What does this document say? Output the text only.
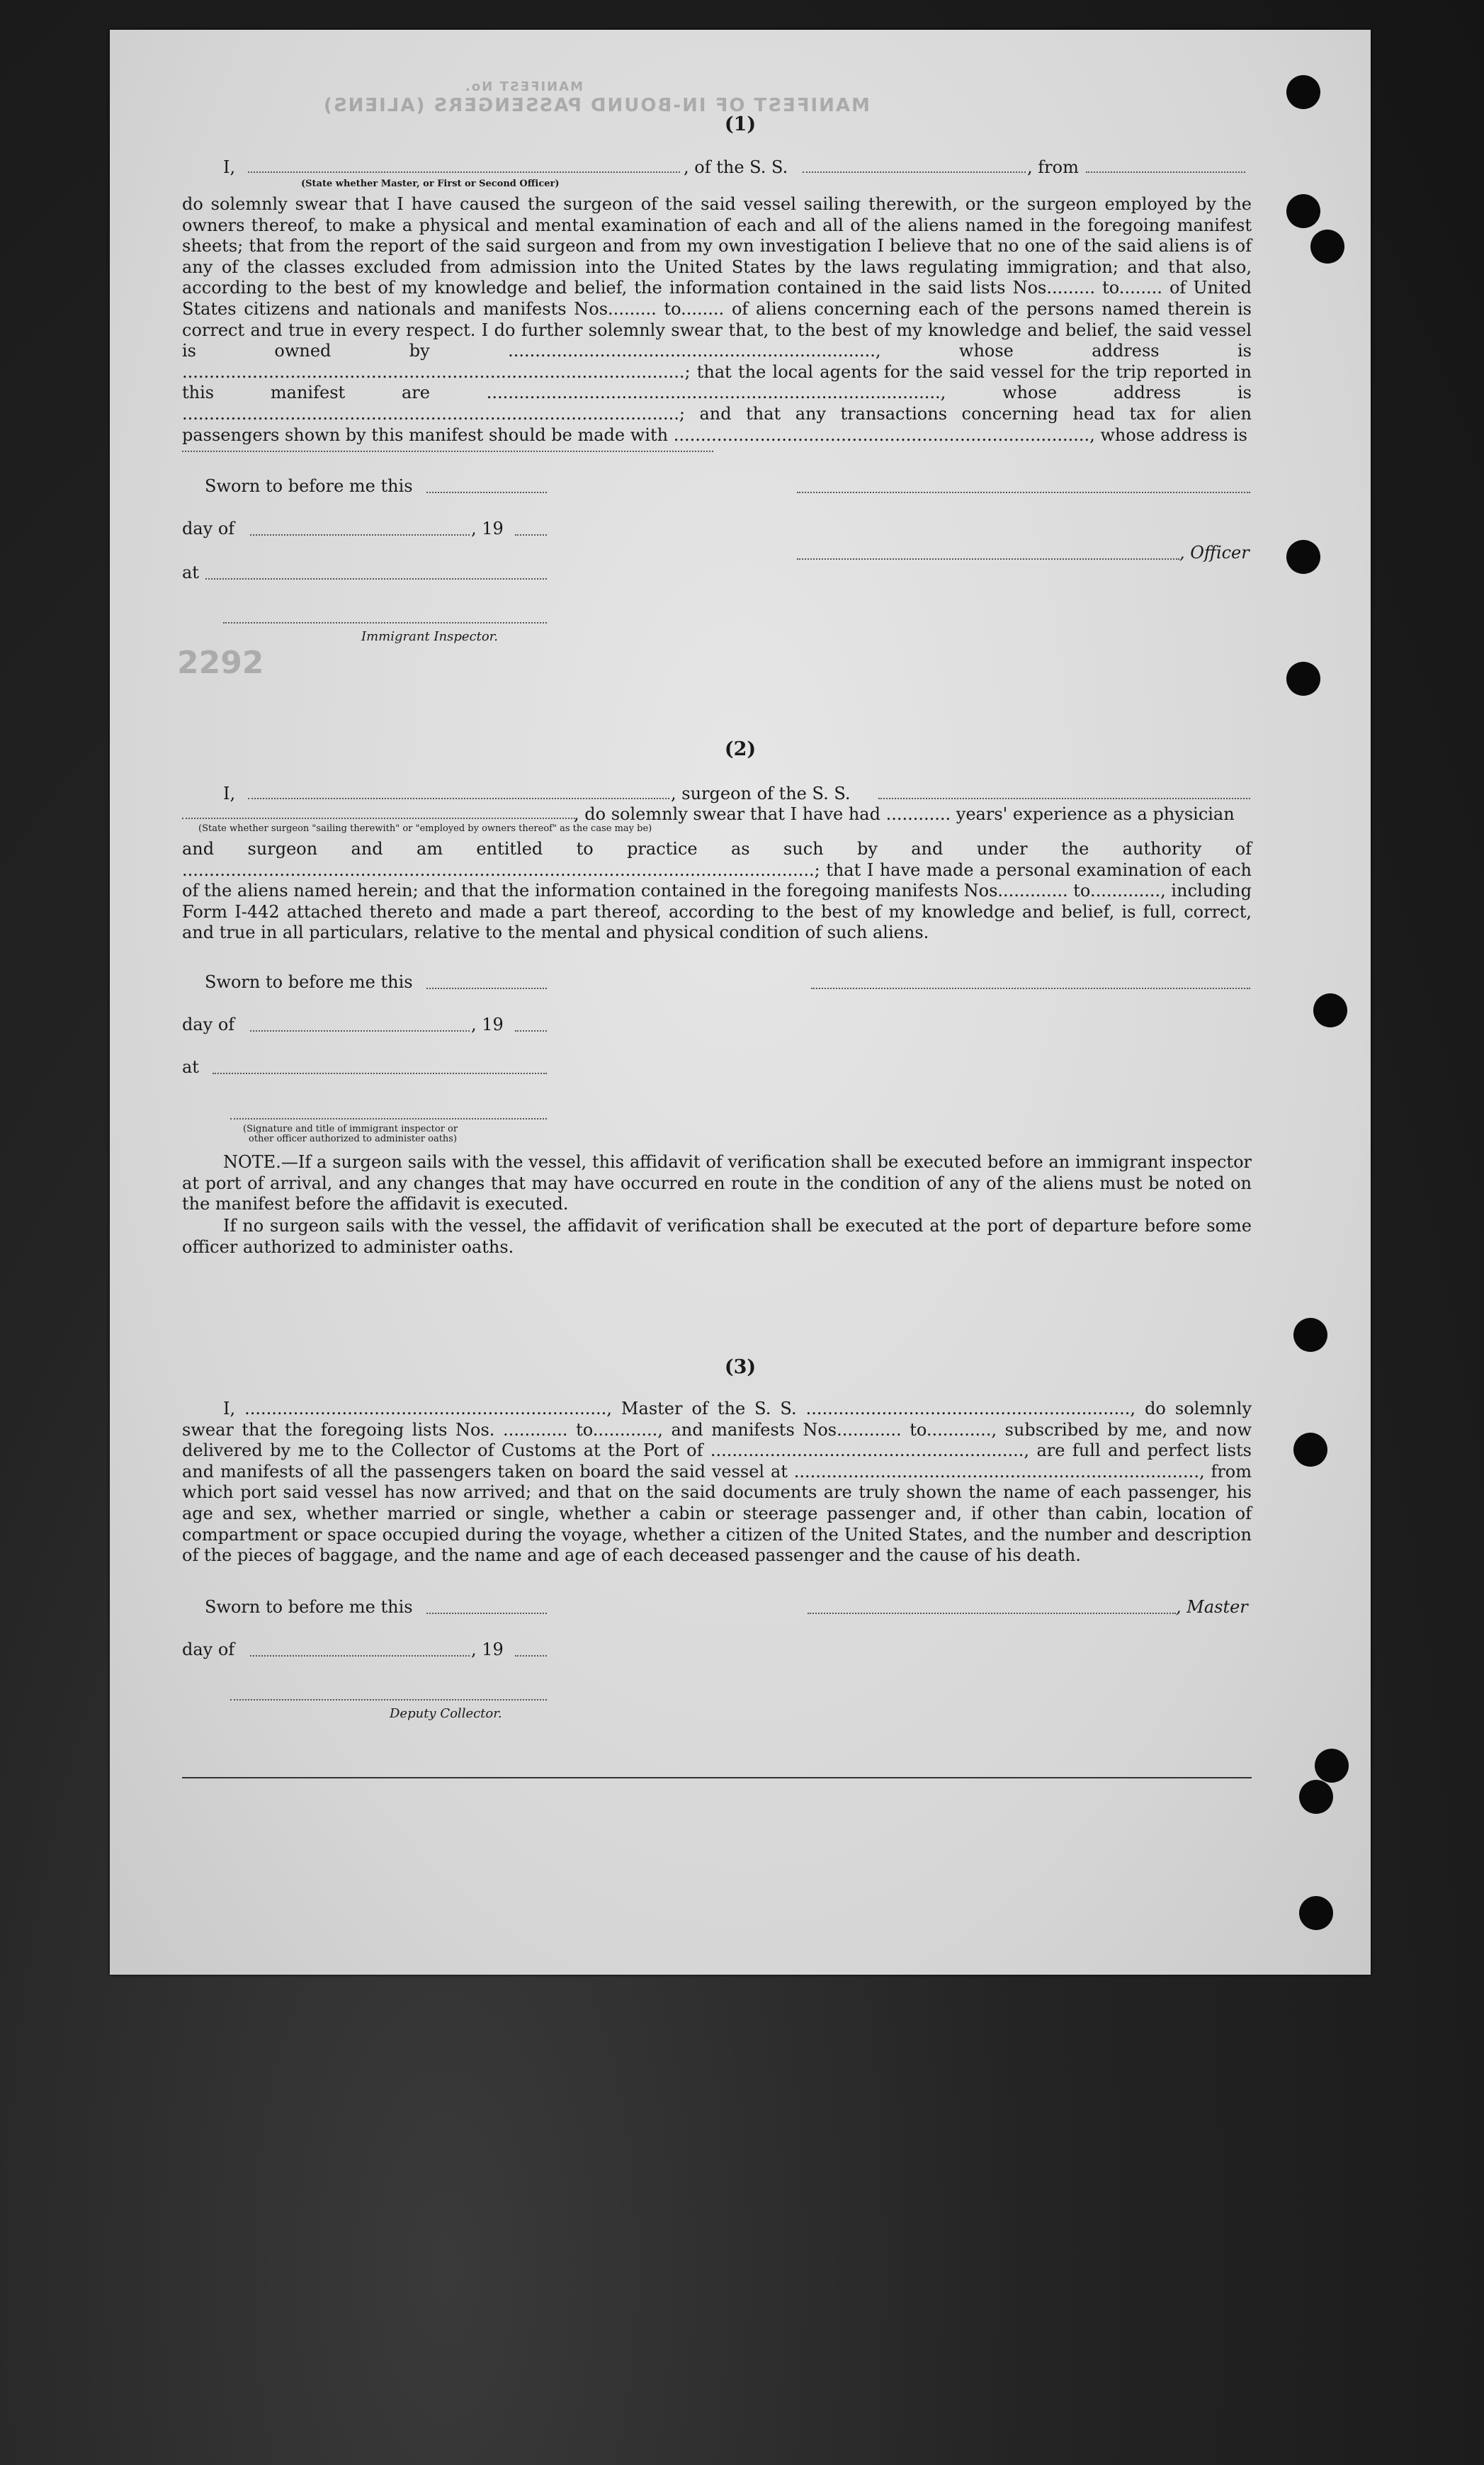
MANIFEST OF IN-BOUND PASSENGERS (ALIENS)
MANIFEST No.
(1)
I,	, of the S. S.	, from
(State whether Master, or First or Second Officer)
do solemnly swear that I have caused the surgeon of the said vessel sailing therewith, or the surgeon employed by the owners thereof, to make a physical and mental examination of each and all of the aliens named in the foregoing manifest sheets; that from the report of the said surgeon and from my own investigation I believe that no one of the said aliens is of any of the classes excluded from admission into the United States by the laws regulating immigration; and that also, according to the best of my knowledge and belief, the information contained in the said lists Nos......... to........ of United States citizens and nationals and manifests Nos......... to........ of aliens concerning each of the persons named therein is correct and true in every respect. I do further solemnly swear that, to the best of my knowledge and belief, the said vessel is owned by ...................................................................., whose address is .............................................................................................; that the local agents for the said vessel for the trip reported in this manifest are ...................................................................................., whose address is ............................................................................................; and that any transactions concerning head tax for alien passengers shown by this manifest should be made with ............................................................................., whose address is
Sworn to before me this
day of	, 19
, Officer
at
Immigrant Inspector.
2292
(2)
I,	, surgeon of the S. S.
, do solemnly swear that I have had ............ years' experience as a physician
(State whether surgeon "sailing therewith" or "employed by owners thereof" as the case may be)
and surgeon and am entitled to practice as such by and under the authority of .....................................................................................................................; that I have made a personal examination of each of the aliens named herein; and that the information contained in the foregoing manifests Nos............. to............., including Form I-442 attached thereto and made a part thereof, according to the best of my knowledge and belief, is full, correct, and true in all particulars, relative to the mental and physical condition of such aliens.
Sworn to before me this
day of	, 19
at
(Signature and title of immigrant inspector or
other officer authorized to administer oaths)
NOTE.—If a surgeon sails with the vessel, this affidavit of verification shall be executed before an immigrant inspector at port of arrival, and any changes that may have occurred en route in the condition of any of the aliens must be noted on the manifest before the affidavit is executed.
If no surgeon sails with the vessel, the affidavit of verification shall be executed at the port of departure before some officer authorized to administer oaths.
(3)
I, ..................................................................., Master of the S. S. ............................................................, do solemnly swear that the foregoing lists Nos. ............ to............, and manifests Nos............ to............, subscribed by me, and now delivered by me to the Collector of Customs at the Port of .........................................................., are full and perfect lists and manifests of all the passengers taken on board the said vessel at ..........................................................................., from which port said vessel has now arrived; and that on the said documents are truly shown the name of each passenger, his age and sex, whether married or single, whether a cabin or steerage passenger and, if other than cabin, location of compartment or space occupied during the voyage, whether a citizen of the United States, and the number and description of the pieces of baggage, and the name and age of each deceased passenger and the cause of his death.
Sworn to before me this	, Master
day of	, 19
Deputy Collector.
